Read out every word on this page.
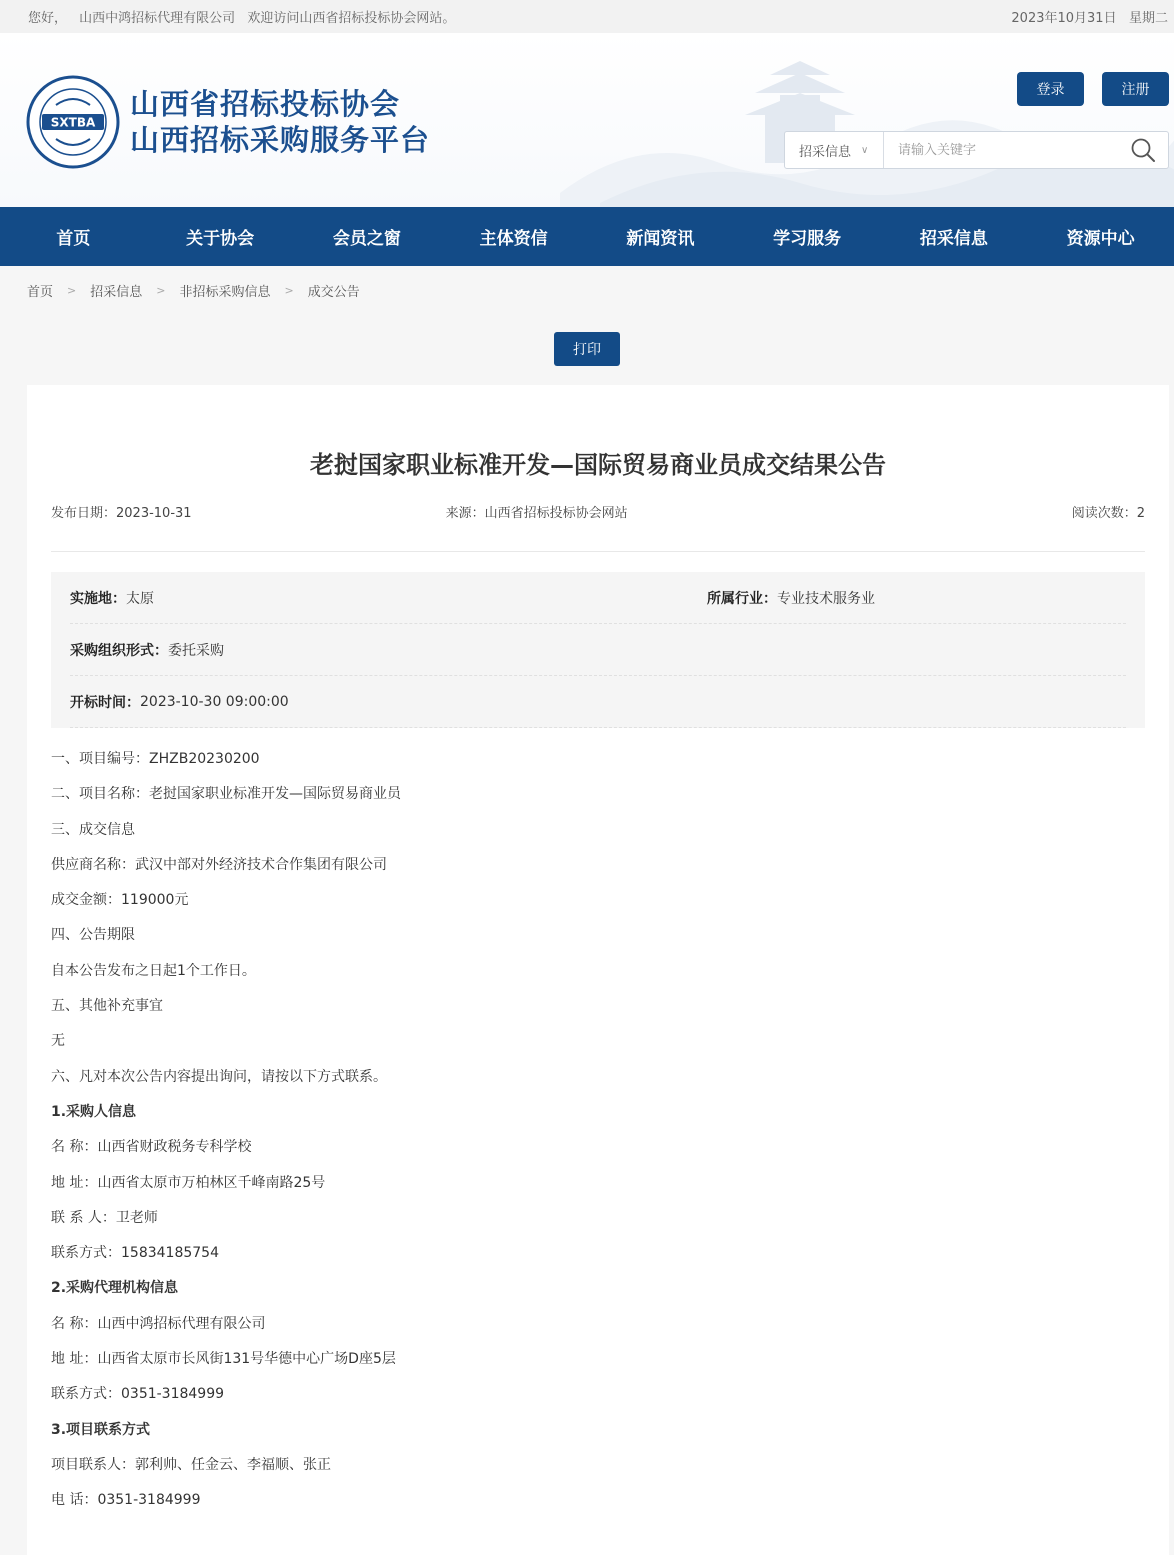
您好， 山西中鸿招标代理有限公司 欢迎访问山西省招标投标协会网站。	2023年10月31日 星期二
SXTBA
山西省招标投标协会
山西招标采购服务平台
登录	注册
招采信息 ∨
请输入关键字
首页	关于协会	会员之窗	主体资信	新闻资讯	学习服务	招采信息	资源中心
首页 > 招采信息 > 非招标采购信息 > 成交公告
打印
老挝国家职业标准开发—国际贸易商业员成交结果公告
发布日期：2023-10-31	来源：山西省招标投标协会网站	阅读次数：2
实施地：太原	所属行业：专业技术服务业
采购组织形式： 委托采购
开标时间： 2023-10-30 09:00:00

一、项目编号：ZHZB20230200

二、项目名称：老挝国家职业标准开发—国际贸易商业员

三、成交信息

供应商名称：武汉中部对外经济技术合作集团有限公司

成交金额：119000元

四、公告期限

自本公告发布之日起1个工作日。

五、其他补充事宜

无

六、凡对本次公告内容提出询问，请按以下方式联系。

1.采购人信息

名 称：山西省财政税务专科学校

地 址：山西省太原市万柏林区千峰南路25号

联 系 人：卫老师

联系方式：15834185754

2.采购代理机构信息

名 称：山西中鸿招标代理有限公司

地 址：山西省太原市长风街131号华德中心广场D座5层

联系方式：0351-3184999

3.项目联系方式

项目联系人：郭利帅、任金云、李福顺、张正

电 话：0351-3184999
